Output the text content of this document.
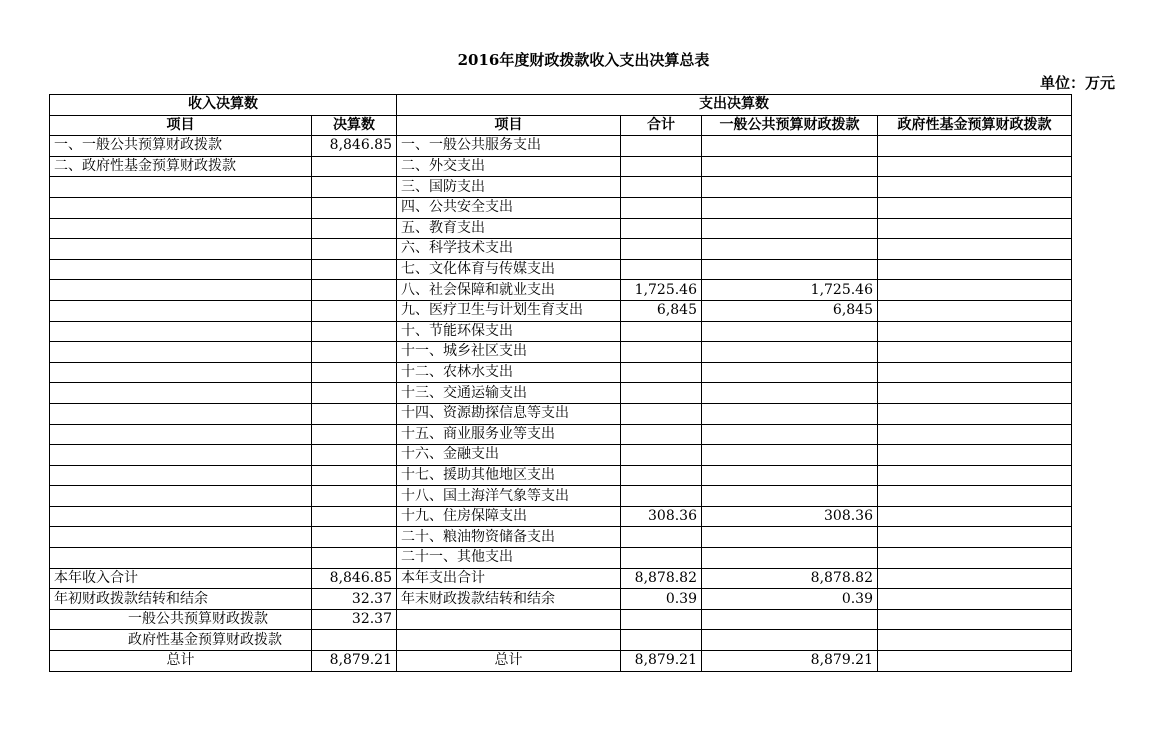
2016年度财政拨款收入支出决算总表
单位：万元
收入决算数		支出决算数			
项目	决算数	项目	合计	一般公共预算财政拨款	政府性基金预算财政拨款
一、一般公共预算财政拨款	8,846.85	一、一般公共服务支出			
二、政府性基金预算财政拨款		二、外交支出			
		三、国防支出			
		四、公共安全支出			
		五、教育支出			
		六、科学技术支出			
		七、文化体育与传媒支出			
		八、社会保障和就业支出	1,725.46	1,725.46	
		九、医疗卫生与计划生育支出	6,845	6,845	
		十、节能环保支出			
		十一、城乡社区支出			
		十二、农林水支出			
		十三、交通运输支出			
		十四、资源勘探信息等支出			
		十五、商业服务业等支出			
		十六、金融支出			
		十七、援助其他地区支出			
		十八、国土海洋气象等支出			
		十九、住房保障支出	308.36	308.36	
		二十、粮油物资储备支出			
		二十一、其他支出			
本年收入合计	8,846.85	本年支出合计	8,878.82	8,878.82	
年初财政拨款结转和结余	32.37	年末财政拨款结转和结余	0.39	0.39	
一般公共预算财政拨款	32.37				
政府性基金预算财政拨款					
总计	8,879.21	总计	8,879.21	8,879.21	
